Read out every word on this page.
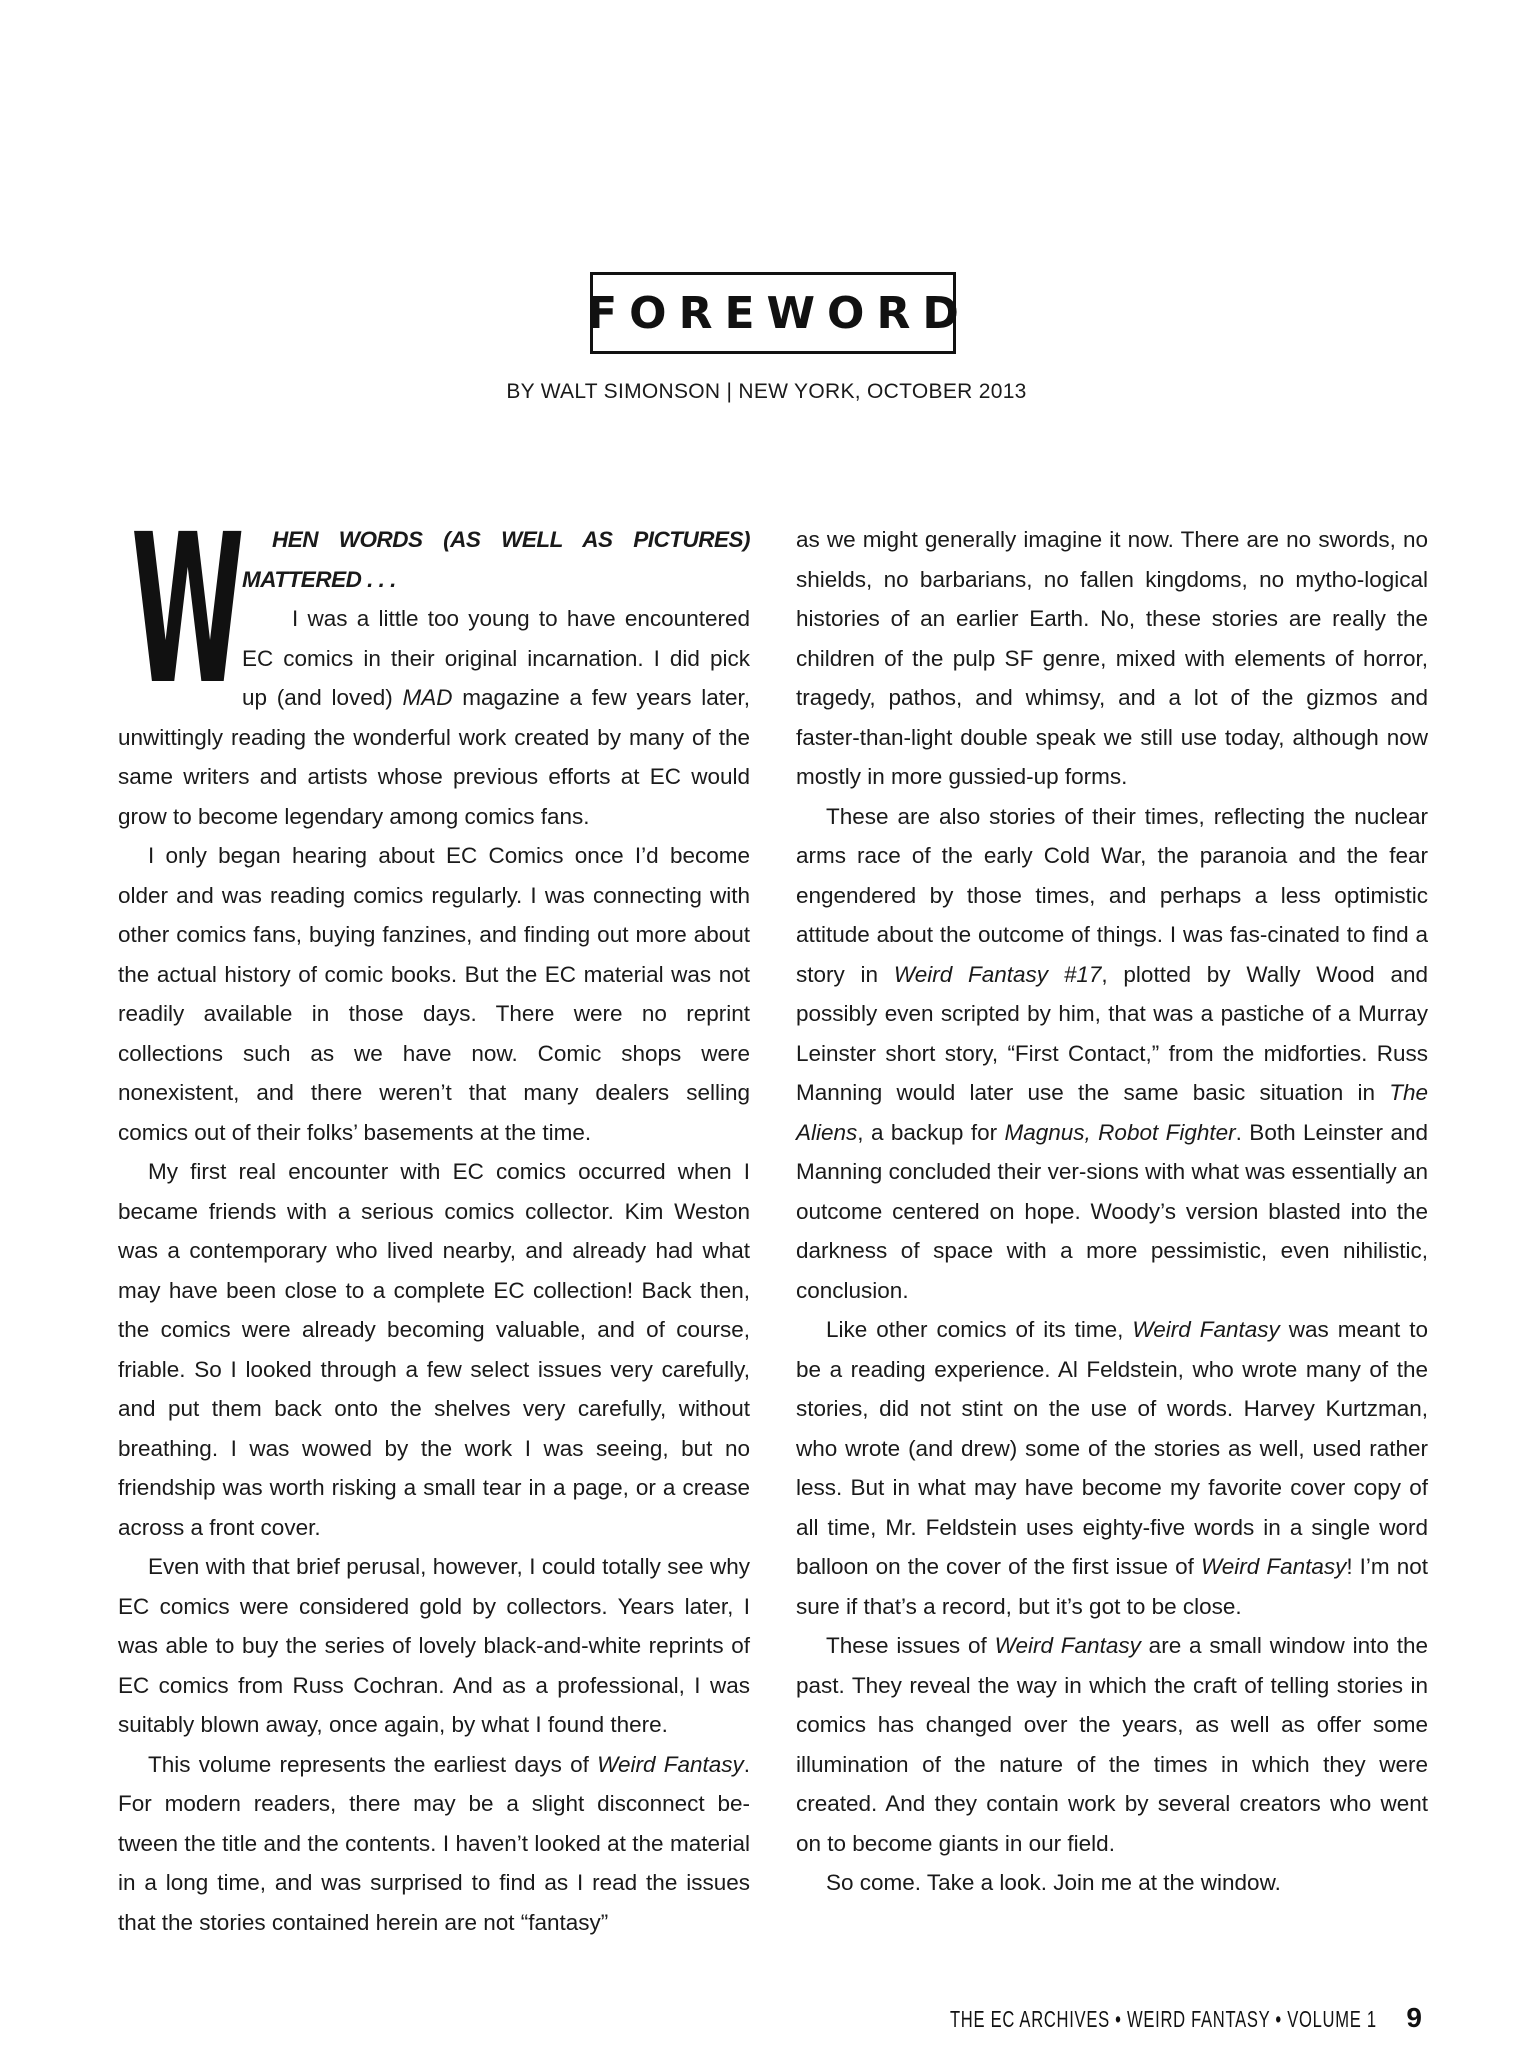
FOREWORD
BY WALT SIMONSON | NEW YORK, OCTOBER 2013

W HEN WORDS (AS WELL AS PICTURES) MATTERED . . .
I was a little too young to have encountered EC comics in their original incarnation. I did pick up (and loved) MAD magazine a few years later, unwittingly reading the wonderful work created by many of the same writers and artists whose previous efforts at EC would grow to become legendary among comics fans.

I only began hearing about EC Comics once I’d become older and was reading comics regularly. I was connecting with other comics fans, buying fanzines, and finding out more about the actual history of comic books. But the EC material was not readily available in those days. There were no reprint collections such as we have now. Comic shops were nonexistent, and there weren’t that many dealers selling comics out of their folks’ basements at the time.

My first real encounter with EC comics occurred when I became friends with a serious comics collector. Kim Weston was a contemporary who lived nearby, and already had what may have been close to a complete EC collection! Back then, the comics were already becoming valuable, and of course, friable. So I looked through a few select issues very carefully, and put them back onto the shelves very carefully, without breathing. I was wowed by the work I was seeing, but no friendship was worth risking a small tear in a page, or a crease across a front cover.

Even with that brief perusal, however, I could totally see why EC comics were considered gold by collectors. Years later, I was able to buy the series of lovely black-and-white reprints of EC comics from Russ Cochran. And as a professional, I was suitably blown away, once again, by what I found there.

This volume represents the earliest days of Weird Fantasy. For modern readers, there may be a slight disconnect be-tween the title and the contents. I haven’t looked at the material in a long time, and was surprised to find as I read the issues that the stories contained herein are not “fantasy”

as we might generally imagine it now. There are no swords, no shields, no barbarians, no fallen kingdoms, no mytho-logical histories of an earlier Earth. No, these stories are really the children of the pulp SF genre, mixed with elements of horror, tragedy, pathos, and whimsy, and a lot of the gizmos and faster-than-light double speak we still use today, although now mostly in more gussied-up forms.

These are also stories of their times, reflecting the nuclear arms race of the early Cold War, the paranoia and the fear engendered by those times, and perhaps a less optimistic attitude about the outcome of things. I was fas-cinated to find a story in Weird Fantasy #17, plotted by Wally Wood and possibly even scripted by him, that was a pastiche of a Murray Leinster short story, “First Contact,” from the midforties. Russ Manning would later use the same basic situation in The Aliens, a backup for Magnus, Robot Fighter. Both Leinster and Manning concluded their ver-sions with what was essentially an outcome centered on hope. Woody’s version blasted into the darkness of space with a more pessimistic, even nihilistic, conclusion.

Like other comics of its time, Weird Fantasy was meant to be a reading experience. Al Feldstein, who wrote many of the stories, did not stint on the use of words. Harvey Kurtzman, who wrote (and drew) some of the stories as well, used rather less. But in what may have become my favorite cover copy of all time, Mr. Feldstein uses eighty-five words in a single word balloon on the cover of the first issue of Weird Fantasy! I’m not sure if that’s a record, but it’s got to be close.

These issues of Weird Fantasy are a small window into the past. They reveal the way in which the craft of telling stories in comics has changed over the years, as well as offer some illumination of the nature of the times in which they were created. And they contain work by several creators who went on to become giants in our field.

So come. Take a look. Join me at the window.

THE EC ARCHIVES • WEIRD FANTASY • VOLUME 1 9
